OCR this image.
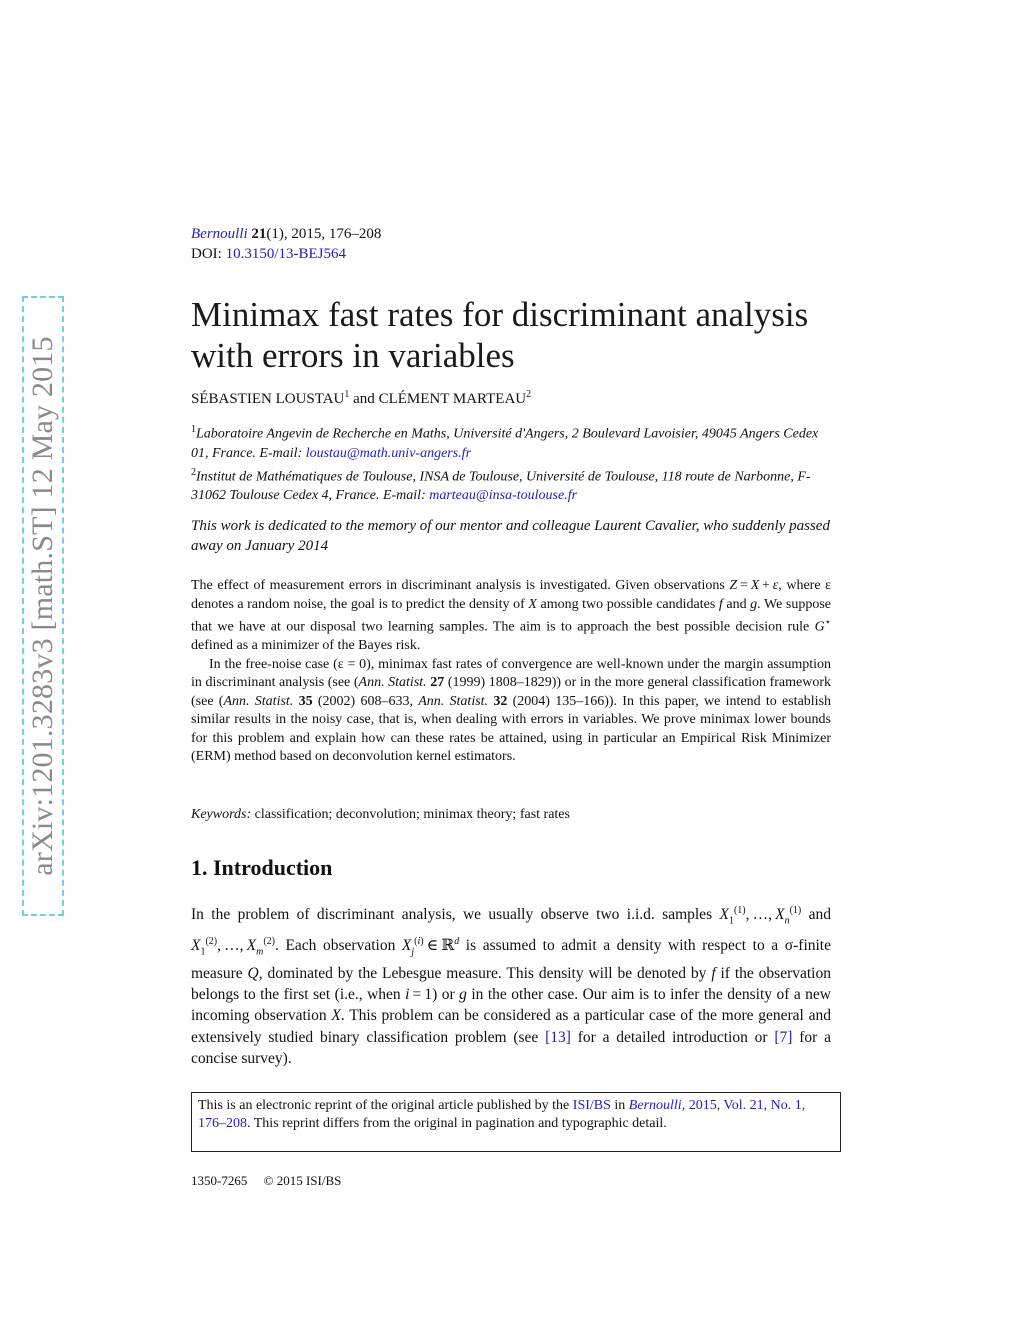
arXiv:1201.3283v3 [math.ST] 12 May 2015
Bernoulli 21(1), 2015, 176–208
DOI: 10.3150/13-BEJ564
Minimax fast rates for discriminant analysis
with errors in variables
SÉBASTIEN LOUSTAU$^1$ and CLÉMENT MARTEAU$^2$
$^1$Laboratoire Angevin de Recherche en Maths, Université d'Angers, 2 Boulevard Lavoisier, 49045 Angers Cedex 01, France. E-mail: loustau@math.univ-angers.fr
$^2$Institut de Mathématiques de Toulouse, INSA de Toulouse, Université de Toulouse, 118 route de Narbonne, F-31062 Toulouse Cedex 4, France. E-mail: marteau@insa-toulouse.fr
This work is dedicated to the memory of our mentor and colleague Laurent Cavalier, who suddenly passed away on January 2014

The effect of measurement errors in discriminant analysis is investigated. Given observations Z = X + ε, where ε denotes a random noise, the goal is to predict the density of X among two possible candidates f and g. We suppose that we have at our disposal two learning samples. The aim is to approach the best possible decision rule G⋆ defined as a minimizer of the Bayes risk.

In the free-noise case (ε = 0), minimax fast rates of convergence are well-known under the margin assumption in discriminant analysis (see (Ann. Statist. 27 (1999) 1808–1829)) or in the more general classification framework (see (Ann. Statist. 35 (2002) 608–633, Ann. Statist. 32 (2004) 135–166)). In this paper, we intend to establish similar results in the noisy case, that is, when dealing with errors in variables. We prove minimax lower bounds for this problem and explain how can these rates be attained, using in particular an Empirical Risk Minimizer (ERM) method based on deconvolution kernel estimators.

Keywords: classification; deconvolution; minimax theory; fast rates
1. Introduction
In the problem of discriminant analysis, we usually observe two i.i.d. samples $X_1^{(1)}$, …, $X_n^{(1)}$ and $X_1^{(2)}$, …, $X_m^{(2)}$. Each observation $X_j^{(i)}$ ∈ ℝ$^d$ is assumed to admit a density with respect to a σ-finite measure Q, dominated by the Lebesgue measure. This density will be denoted by f if the observation belongs to the first set (i.e., when i = 1) or g in the other case. Our aim is to infer the density of a new incoming observation X. This problem can be considered as a particular case of the more general and extensively studied binary classification problem (see [13] for a detailed introduction or [7] for a concise survey).
This is an electronic reprint of the original article published by the ISI/BS in Bernoulli, 2015, Vol. 21, No. 1, 176–208. This reprint differs from the original in pagination and typographic detail.
1350-7265 © 2015 ISI/BS
